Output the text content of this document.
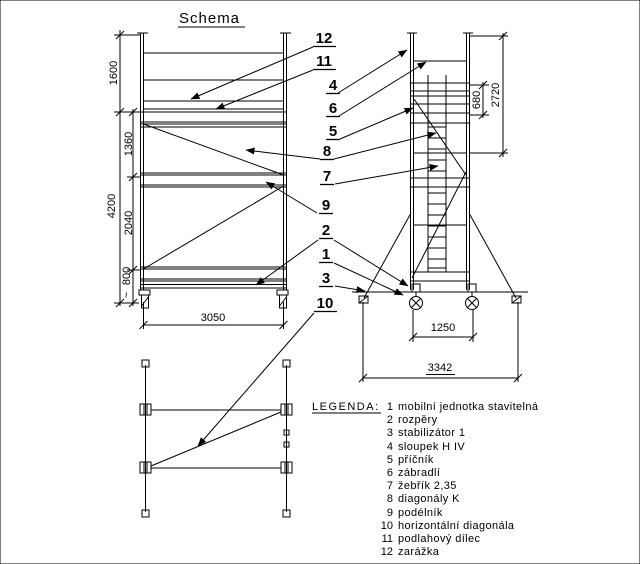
Schema
1600
4200
1360
2040
800
~
3050
680 2720
1250
3342
12
11
4
6
5
8
7
9
2
1
3
10
LEGENDA: 1 mobilní jednotka stavitelná
2 rozpěry
3 stabilizátor 1
4 sloupek H IV
5 příčník
6 zábradlí
7 žebřík 2,35
8 diagonály K
9 podélník
10 horizontální diagonála
11 podlahový dílec
12 zarážka
